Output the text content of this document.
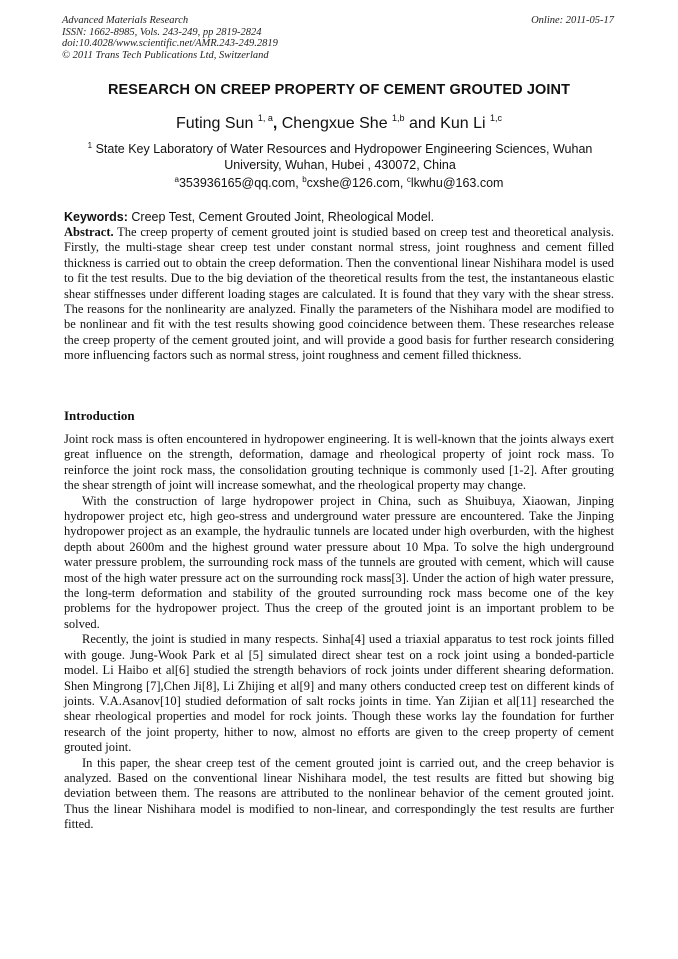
Advanced Materials Research
ISSN: 1662-8985, Vols. 243-249, pp 2819-2824
doi:10.4028/www.scientific.net/AMR.243-249.2819
© 2011 Trans Tech Publications Ltd, Switzerland
Online: 2011-05-17
RESEARCH ON CREEP PROPERTY OF CEMENT GROUTED JOINT
Futing Sun $^{1, a}$, Chengxue She $^{1,b}$ and Kun Li $^{1,c}$
$^1$ State Key Laboratory of Water Resources and Hydropower Engineering Sciences, Wuhan University, Wuhan, Hubei , 430072, China
$^a$353936165@qq.com, $^b$cxshe@126.com, $^c$lkwhu@163.com
Keywords: Creep Test, Cement Grouted Joint, Rheological Model.
Abstract. The creep property of cement grouted joint is studied based on creep test and theoretical analysis. Firstly, the multi-stage shear creep test under constant normal stress, joint roughness and cement filled thickness is carried out to obtain the creep deformation. Then the conventional linear Nishihara model is used to fit the test results. Due to the big deviation of the theoretical results from the test, the instantaneous elastic shear stiffnesses under different loading stages are calculated. It is found that they vary with the shear stress. The reasons for the nonlinearity are analyzed. Finally the parameters of the Nishihara model are modified to be nonlinear and fit with the test results showing good coincidence between them. These researches release the creep property of the cement grouted joint, and will provide a good basis for further research considering more influencing factors such as normal stress, joint roughness and cement filled thickness.
Introduction
Joint rock mass is often encountered in hydropower engineering. It is well-known that the joints always exert great influence on the strength, deformation, damage and rheological property of joint rock mass. To reinforce the joint rock mass, the consolidation grouting technique is commonly used [1-2]. After grouting the shear strength of joint will increase somewhat, and the rheological property may change.
With the construction of large hydropower project in China, such as Shuibuya, Xiaowan, Jinping hydropower project etc, high geo-stress and underground water pressure are encountered. Take the Jinping hydropower project as an example, the hydraulic tunnels are located under high overburden, with the highest depth about 2600m and the highest ground water pressure about 10 Mpa. To solve the high underground water pressure problem, the surrounding rock mass of the tunnels are grouted with cement, which will cause most of the high water pressure act on the surrounding rock mass[3]. Under the action of high water pressure, the long-term deformation and stability of the grouted surrounding rock mass become one of the key problems for the hydropower project. Thus the creep of the grouted joint is an important problem to be solved.
Recently, the joint is studied in many respects. Sinha[4] used a triaxial apparatus to test rock joints filled with gouge. Jung-Wook Park et al [5] simulated direct shear test on a rock joint using a bonded-particle model. Li Haibo et al[6] studied the strength behaviors of rock joints under different shearing deformation. Shen Mingrong [7],Chen Ji[8], Li Zhijing et al[9] and many others conducted creep test on different kinds of joints. V.A.Asanov[10] studied deformation of salt rocks joints in time. Yan Zijian et al[11] researched the shear rheological properties and model for rock joints. Though these works lay the foundation for further research of the joint property, hither to now, almost no efforts are given to the creep property of cement grouted joint.
In this paper, the shear creep test of the cement grouted joint is carried out, and the creep behavior is analyzed. Based on the conventional linear Nishihara model, the test results are fitted but showing big deviation between them. The reasons are attributed to the nonlinear behavior of the cement grouted joint. Thus the linear Nishihara model is modified to non-linear, and correspondingly the test results are further fitted.
